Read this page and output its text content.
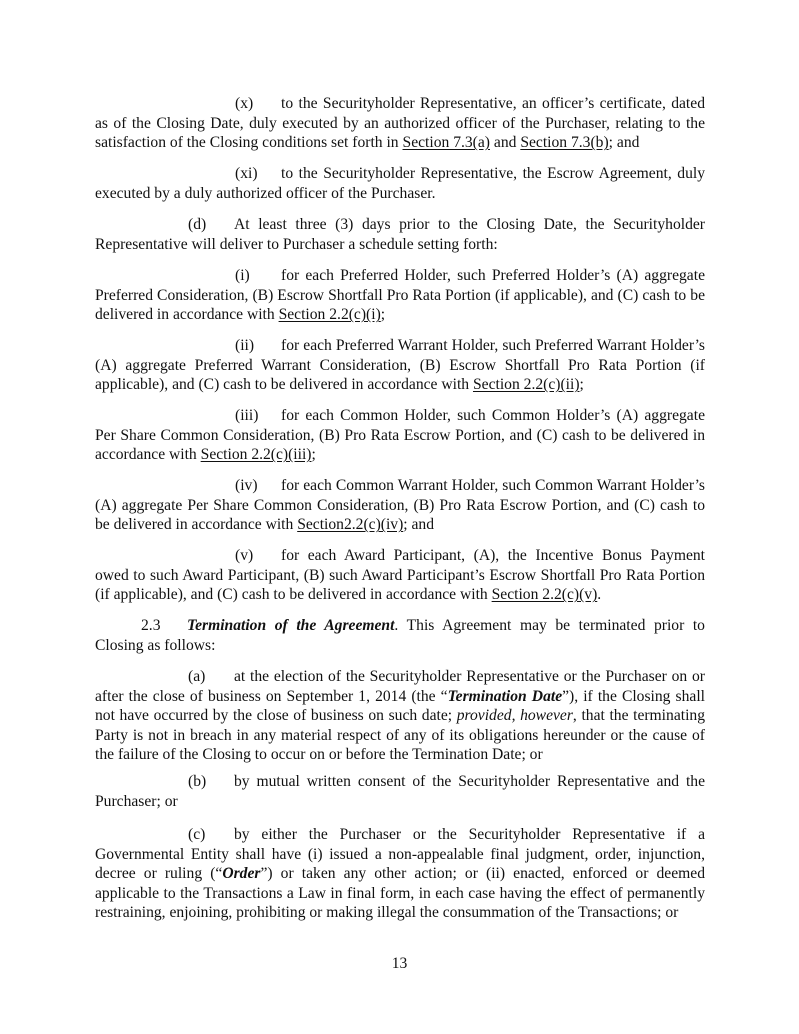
(x) to the Securityholder Representative, an officer’s certificate, dated as of the Closing Date, duly executed by an authorized officer of the Purchaser, relating to the satisfaction of the Closing conditions set forth in Section 7.3(a) and Section 7.3(b); and

(xi) to the Securityholder Representative, the Escrow Agreement, duly executed by a duly authorized officer of the Purchaser.

(d) At least three (3) days prior to the Closing Date, the Securityholder Representative will deliver to Purchaser a schedule setting forth:

(i) for each Preferred Holder, such Preferred Holder’s (A) aggregate Preferred Consideration, (B) Escrow Shortfall Pro Rata Portion (if applicable), and (C) cash to be delivered in accordance with Section 2.2(c)(i);

(ii) for each Preferred Warrant Holder, such Preferred Warrant Holder’s (A) aggregate Preferred Warrant Consideration, (B) Escrow Shortfall Pro Rata Portion (if applicable), and (C) cash to be delivered in accordance with Section 2.2(c)(ii);

(iii) for each Common Holder, such Common Holder’s (A) aggregate Per Share Common Consideration, (B) Pro Rata Escrow Portion, and (C) cash to be delivered in accordance with Section 2.2(c)(iii);

(iv) for each Common Warrant Holder, such Common Warrant Holder’s (A) aggregate Per Share Common Consideration, (B) Pro Rata Escrow Portion, and (C) cash to be delivered in accordance with Section2.2(c)(iv); and

(v) for each Award Participant, (A), the Incentive Bonus Payment owed to such Award Participant, (B) such Award Participant’s Escrow Shortfall Pro Rata Portion (if applicable), and (C) cash to be delivered in accordance with Section 2.2(c)(v).

2.3 Termination of the Agreement. This Agreement may be terminated prior to Closing as follows:

(a) at the election of the Securityholder Representative or the Purchaser on or after the close of business on September 1, 2014 (the “Termination Date”), if the Closing shall not have occurred by the close of business on such date; provided, however, that the terminating Party is not in breach in any material respect of any of its obligations hereunder or the cause of the failure of the Closing to occur on or before the Termination Date; or

(b) by mutual written consent of the Securityholder Representative and the Purchaser; or

(c) by either the Purchaser or the Securityholder Representative if a Governmental Entity shall have (i) issued a non-appealable final judgment, order, injunction, decree or ruling (“Order”) or taken any other action; or (ii) enacted, enforced or deemed applicable to the Transactions a Law in final form, in each case having the effect of permanently restraining, enjoining, prohibiting or making illegal the consummation of the Transactions; or

13
